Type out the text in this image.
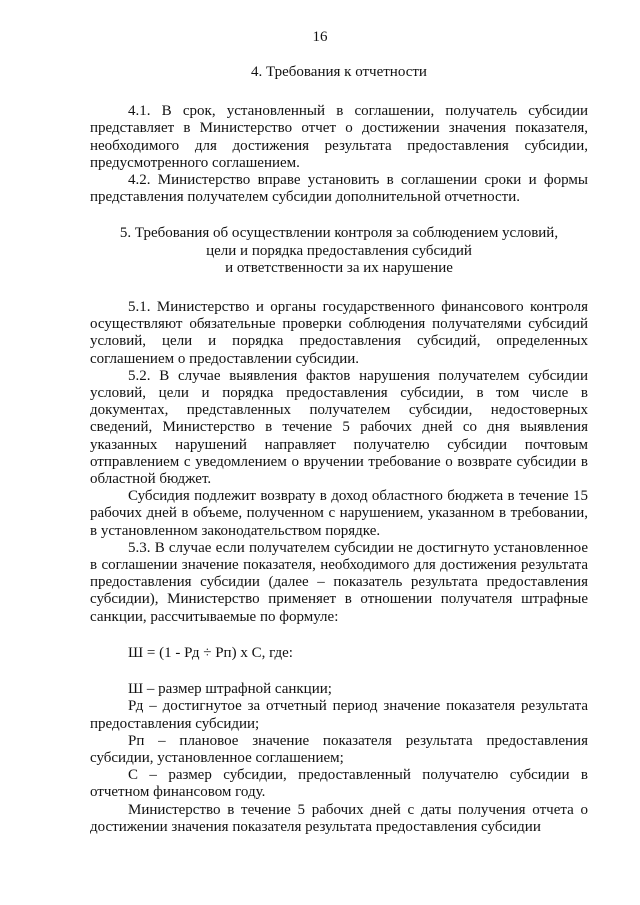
16

4. Требования к отчетности

4.1. В срок, установленный в соглашении, получатель субсидии представляет в Министерство отчет о достижении значения показателя, необходимого для достижения результата предоставления субсидии, предусмотренного соглашением.

4.2. Министерство вправе установить в соглашении сроки и формы представления получателем субсидии дополнительной отчетности.

5. Требования об осуществлении контроля за соблюдением условий,

цели и порядка предоставления субсидий

и ответственности за их нарушение

5.1. Министерство и органы государственного финансового контроля осуществляют обязательные проверки соблюдения получателями субсидий условий, цели и порядка предоставления субсидий, определенных соглашением о предоставлении субсидии.

5.2. В случае выявления фактов нарушения получателем субсидии условий, цели и порядка предоставления субсидии, в том числе в документах, представленных получателем субсидии, недостоверных сведений, Министерство в течение 5 рабочих дней со дня выявления указанных нарушений направляет получателю субсидии почтовым отправлением с уведомлением о вручении требование о возврате субсидии в областной бюджет.

Субсидия подлежит возврату в доход областного бюджета в течение 15 рабочих дней в объеме, полученном с нарушением, указанном в требовании, в установленном законодательством порядке.

5.3. В случае если получателем субсидии не достигнуто установленное в соглашении значение показателя, необходимого для достижения результата предоставления субсидии (далее – показатель результата предоставления субсидии), Министерство применяет в отношении получателя штрафные санкции, рассчитываемые по формуле:

Ш = (1 - Рд ÷ Рп) х С, где:

Ш – размер штрафной санкции;

Рд – достигнутое за отчетный период значение показателя результата предоставления субсидии;

Рп – плановое значение показателя результата предоставления субсидии, установленное соглашением;

С – размер субсидии, предоставленный получателю субсидии в отчетном финансовом году.

Министерство в течение 5 рабочих дней с даты получения отчета о достижении значения показателя результата предоставления субсидии
